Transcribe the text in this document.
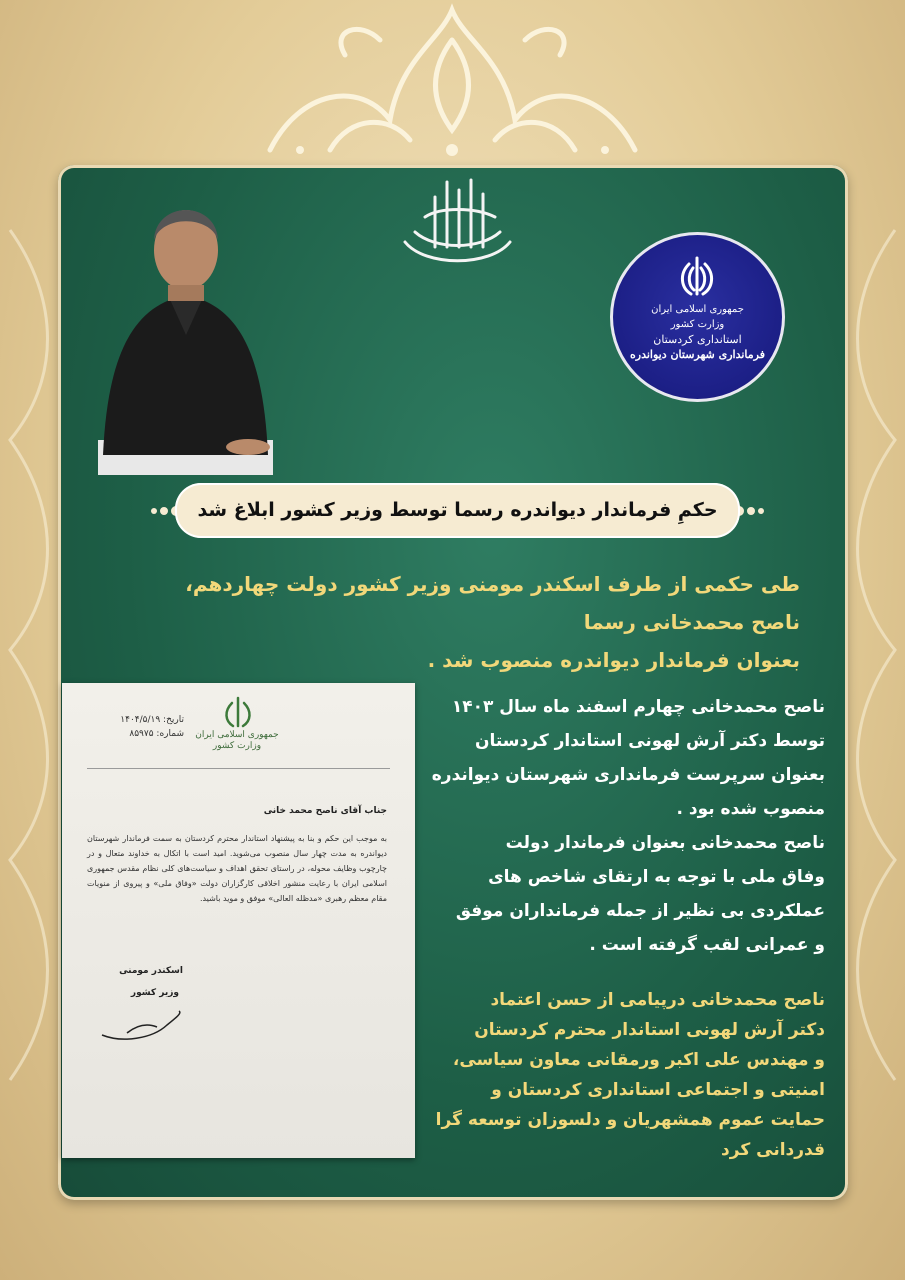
جمهوری اسلامی ایران
وزارت کشور
استانداری کردستان
فرمانداری شهرستان دیواندره
حکمِ فرماندار دیواندره رسما توسط وزیر کشور ابلاغ شد
طی حکمی از طرف اسکندر مومنی وزیر کشور دولت چهاردهم،
ناصح محمدخانی رسما
بعنوان فرماندار دیواندره منصوب شد .
جمهوری اسلامی ایران
وزارت کشور
تاریخ: ۱۴۰۴/۵/۱۹
شماره: ۸۵۹۷۵
جناب آقای ناصح محمد خانی
به موجب این حکم و بنا به پیشنهاد استاندار محترم کردستان به سمت فرماندار شهرستان دیواندره به مدت چهار سال منصوب می‌شوید. امید است با اتکال به خداوند متعال و در چارچوب وظایف محوله، در راستای تحقق اهداف و سیاست‌های کلی نظام مقدس جمهوری اسلامی ایران با رعایت منشور اخلاقی کارگزاران دولت «وفاق ملی» و پیروی از منویات مقام معظم رهبری «مدظله العالی» موفق و موید باشید.
اسکندر مومنی
وزیر کشور
ناصح محمدخانی چهارم اسفند ماه سال ۱۴۰۳
توسط دکتر آرش لهونی استاندار کردستان
بعنوان سرپرست فرمانداری شهرستان دیواندره
منصوب شده بود .
ناصح محمدخانی بعنوان فرماندار دولت
وفاق ملی با توجه به ارتقای شاخص های
عملکردی بی نظیر از جمله فرمانداران موفق
و عمرانی لقب گرفته است .
ناصح محمدخانی درپیامی از حسن اعتماد
دکتر آرش لهونی استاندار محترم کردستان
و مهندس علی اکبر ورمقانی معاون سیاسی،
امنیتی و اجتماعی استانداری کردستان و
حمایت عموم همشهریان و دلسوزان توسعه گرا
قدردانی کرد
